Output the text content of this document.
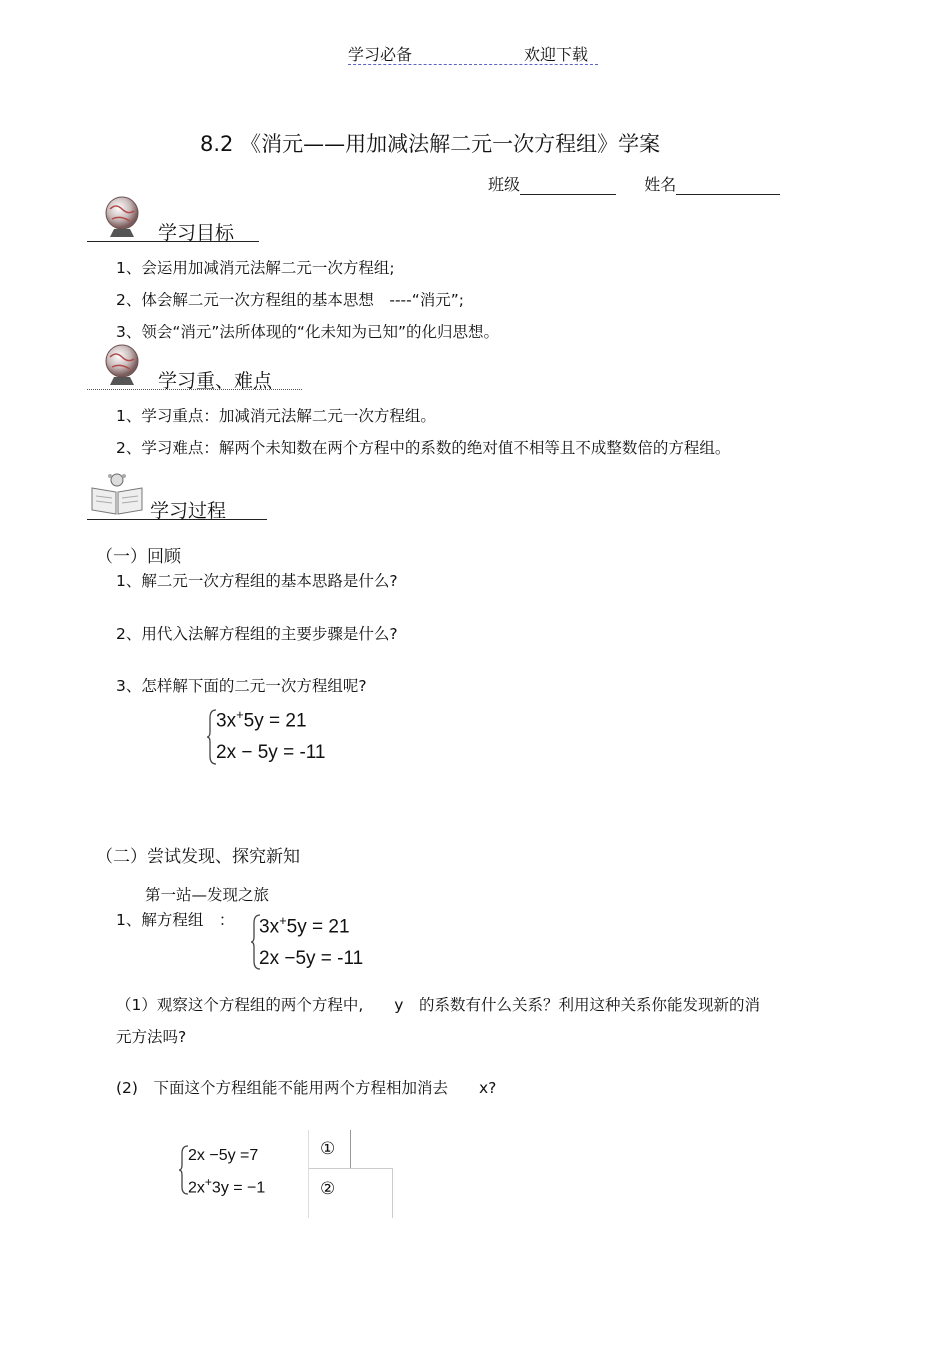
学习必备	欢迎下载
8.2 《消元——用加减法解二元一次方程组》学案
班级	姓名
学习目标
1、会运用加减消元法解二元一次方程组;
2、体会解二元一次方程组的基本思想　----“消元”;
3、领会“消元”法所体现的“化未知为已知”的化归思想。
学习重、难点
1、学习重点：加减消元法解二元一次方程组。
2、学习难点：解两个未知数在两个方程中的系数的绝对值不相等且不成整数倍的方程组。
学习过程
（一）回顾
1、解二元一次方程组的基本思路是什么?
2、用代入法解方程组的主要步骤是什么?
3、怎样解下面的二元一次方程组呢?
3x+5y = 21
2x − 5y = -11
（二）尝试发现、探究新知
第一站—发现之旅
1、解方程组　： 3x+5y = 21
2x −5y = -11
（1）观察这个方程组的两个方程中,　　y　的系数有什么关系？利用这种关系你能发现新的消
元方法吗?
(2)　下面这个方程组能不能用两个方程相加消去　　x?
2x −5y =7
2x+3y = −1
①
②
